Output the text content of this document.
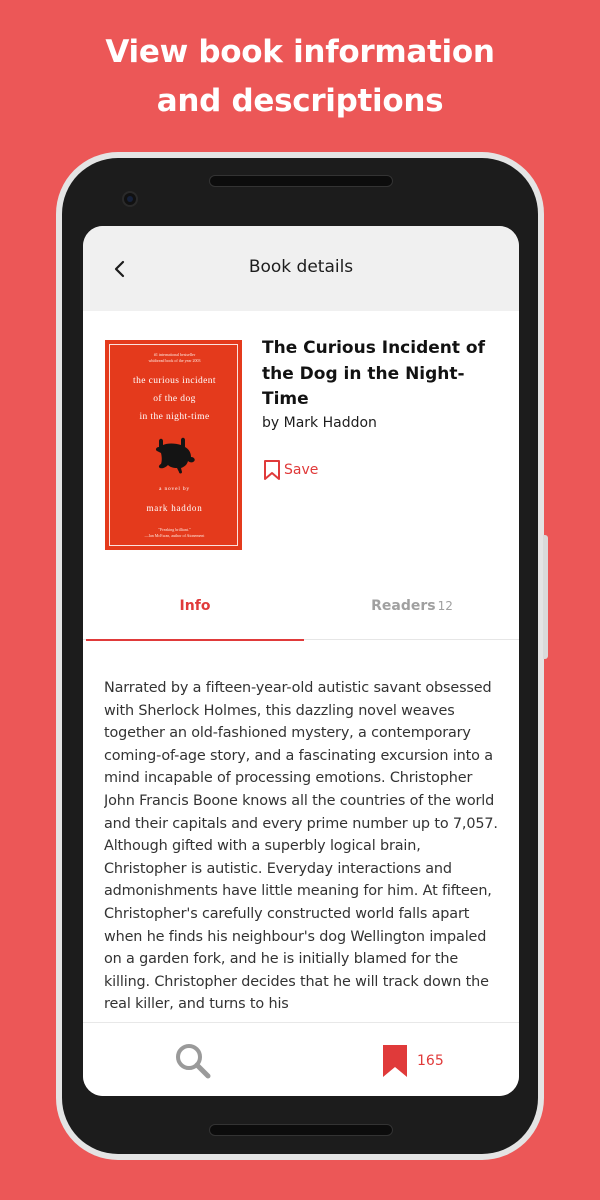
View book information
and descriptions
Book details
#1 international bestseller
whitbread book of the year 2003
the curious incident
of the dog
in the night-time
a novel by
mark haddon
"Freaking brilliant."
—Ian McEwan, author of Atonement
The Curious Incident of the Dog in the Night-Time
by Mark Haddon
Save
Info	Readers 12
Narrated by a fifteen-year-old autistic savant obsessed with Sherlock Holmes, this dazzling novel weaves together an old-fashioned mystery, a contemporary coming-of-age story, and a fascinating excursion into a mind incapable of processing emotions. Christopher John Francis Boone knows all the countries of the world and their capitals and every prime number up to 7,057. Although gifted with a superbly logical brain, Christopher is autistic. Everyday interactions and admonishments have little meaning for him. At fifteen, Christopher's carefully constructed world falls apart when he finds his neighbour's dog Wellington impaled on a garden fork, and he is initially blamed for the killing. Christopher decides that he will track down the real killer, and turns to his
165
